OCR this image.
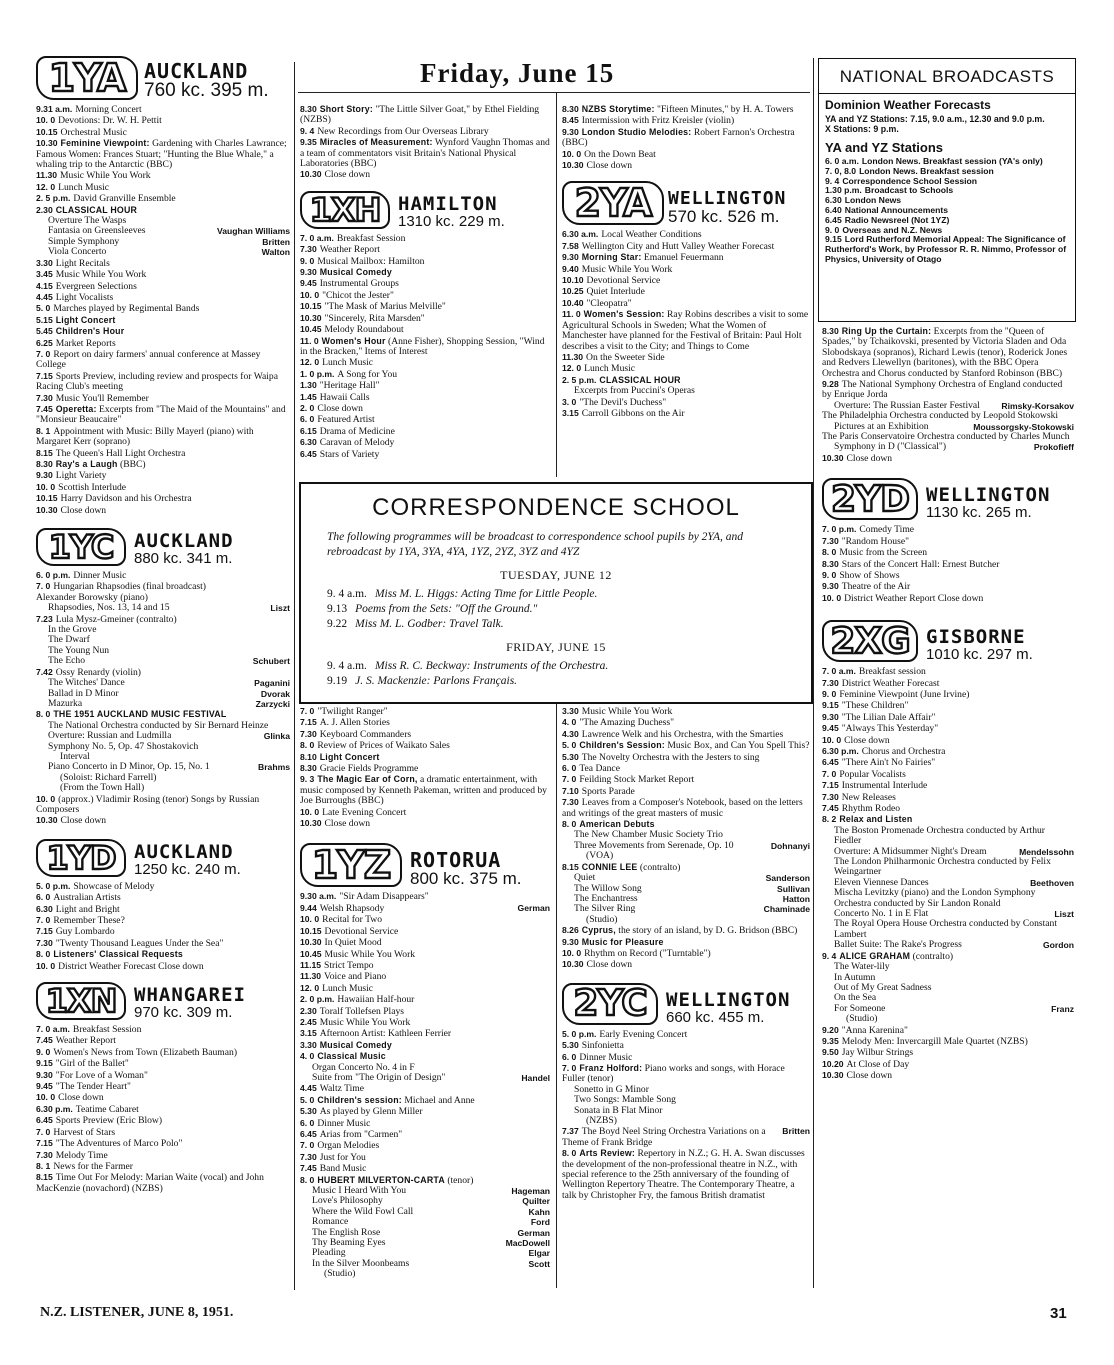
Friday, June 15
1YA AUCKLAND
760 kc. 395 m.

9.31 a.m. Morning Concert

10. 0 Devotions: Dr. W. H. Pettit

10.15 Orchestral Music

10.30 Feminine Viewpoint: Gardening with Charles Lawrance; Famous Women: Frances Stuart; "Hunting the Blue Whale," a whaling trip to the Antarctic (BBC)

11.30 Music While You Work

12. 0 Lunch Music

2. 5 p.m. David Granville Ensemble

2.30 CLASSICAL HOUR

Overture The Wasps

Vaughan Williams
Fantasia on Greensleeves

Britten
Simple Symphony

Walton
Viola Concerto

3.30 Light Recitals

3.45 Music While You Work

4.15 Evergreen Selections

4.45 Light Vocalists

5. 0 Marches played by Regimental Bands

5.15 Light Concert

5.45 Children's Hour

6.25 Market Reports

7. 0 Report on dairy farmers' annual conference at Massey College

7.15 Sports Preview, including review and prospects for Waipa Racing Club's meeting

7.30 Music You'll Remember

7.45 Operetta: Excerpts from "The Maid of the Mountains" and "Monsieur Beaucaire"

8. 1 Appointment with Music: Billy Mayerl (piano) with Margaret Kerr (soprano)

8.15 The Queen's Hall Light Orchestra

8.30 Ray's a Laugh (BBC)

9.30 Light Variety

10. 0 Scottish Interlude

10.15 Harry Davidson and his Orchestra

10.30 Close down

1YC AUCKLAND
880 kc. 341 m.

6. 0 p.m. Dinner Music

7. 0 Hungarian Rhapsodies (final broadcast)

Alexander Borowsky (piano)

Liszt
Rhapsodies, Nos. 13, 14 and 15

7.23 Lula Mysz-Gmeiner (contralto)

In the Grove

The Dwarf

The Young Nun

Schubert
The Echo

7.42 Ossy Renardy (violin)

Paganini
The Witches' Dance

Dvorak
Ballad in D Minor

Zarzycki
Mazurka

8. 0 THE 1951 AUCKLAND MUSIC FESTIVAL

The National Orchestra conducted by Sir Bernard Heinze

Glinka
Overture: Russian and Ludmilla

Symphony No. 5, Op. 47 Shostakovich

Interval

Brahms
Piano Concerto in D Minor, Op. 15, No. 1

(Soloist: Richard Farrell)

(From the Town Hall)

10. 0 (approx.) Vladimir Rosing (tenor) Songs by Russian Composers

10.30 Close down

1YD AUCKLAND
1250 kc. 240 m.

5. 0 p.m. Showcase of Melody

6. 0 Australian Artists

6.30 Light and Bright

7. 0 Remember These?

7.15 Guy Lombardo

7.30 "Twenty Thousand Leagues Under the Sea"

8. 0 Listeners' Classical Requests

10. 0 District Weather Forecast Close down

1XN WHANGAREI
970 kc. 309 m.

7. 0 a.m. Breakfast Session

7.45 Weather Report

9. 0 Women's News from Town (Elizabeth Bauman)

9.15 "Girl of the Ballet"

9.30 "For Love of a Woman"

9.45 "The Tender Heart"

10. 0 Close down

6.30 p.m. Teatime Cabaret

6.45 Sports Preview (Eric Blow)

7. 0 Harvest of Stars

7.15 "The Adventures of Marco Polo"

7.30 Melody Time

8. 1 News for the Farmer

8.15 Time Out For Melody: Marian Waite (vocal) and John MacKenzie (novachord) (NZBS)

8.30 Short Story: "The Little Silver Goat," by Ethel Fielding (NZBS)

9. 4 New Recordings from Our Overseas Library

9.35 Miracles of Measurement: Wynford Vaughn Thomas and a team of commentators visit Britain's National Physical Laboratories (BBC)

10.30 Close down

1XH HAMILTON
1310 kc. 229 m.

7. 0 a.m. Breakfast Session

7.30 Weather Report

9. 0 Musical Mailbox: Hamilton

9.30 Musical Comedy

9.45 Instrumental Groups

10. 0 "Chicot the Jester"

10.15 "The Mask of Marius Melville"

10.30 "Sincerely, Rita Marsden"

10.45 Melody Roundabout

11. 0 Women's Hour (Anne Fisher), Shopping Session, "Wind in the Bracken," Items of Interest

12. 0 Lunch Music

1. 0 p.m. A Song for You

1.30 "Heritage Hall"

1.45 Hawaii Calls

2. 0 Close down

6. 0 Featured Artist

6.15 Drama of Medicine

6.30 Caravan of Melody

6.45 Stars of Variety

8.30 NZBS Storytime: "Fifteen Minutes," by H. A. Towers

8.45 Intermission with Fritz Kreisler (violin)

9.30 London Studio Melodies: Robert Farnon's Orchestra (BBC)

10. 0 On the Down Beat

10.30 Close down

2YA WELLINGTON
570 kc. 526 m.

6.30 a.m. Local Weather Conditions

7.58 Wellington City and Hutt Valley Weather Forecast

9.30 Morning Star: Emanuel Feuermann

9.40 Music While You Work

10.10 Devotional Service

10.25 Quiet Interlude

10.40 "Cleopatra"

11. 0 Women's Session: Ray Robins describes a visit to some Agricultural Schools in Sweden; What the Women of Manchester have planned for the Festival of Britain: Paul Holt describes a visit to the City; and Things to Come

11.30 On the Sweeter Side

12. 0 Lunch Music

2. 5 p.m. CLASSICAL HOUR

Excerpts from Puccini's Operas

3. 0 "The Devil's Duchess"

3.15 Carroll Gibbons on the Air

CORRESPONDENCE SCHOOL
The following programmes will be broadcast to correspondence school pupils by 2YA, and rebroadcast by 1YA, 3YA, 4YA, 1YZ, 2YZ, 3YZ and 4YZ
TUESDAY, JUNE 12
9. 4 a.m. Miss M. L. Higgs: Acting Time for Little People.
9.13 Poems from the Sets: "Off the Ground."
9.22 Miss M. L. Godber: Travel Talk.
FRIDAY, JUNE 15
9. 4 a.m. Miss R. C. Beckway: Instruments of the Orchestra.
9.19 J. S. Mackenzie: Parlons Français.

7. 0 "Twilight Ranger"

7.15 A. J. Allen Stories

7.30 Keyboard Commanders

8. 0 Review of Prices of Waikato Sales

8.10 Light Concert

8.30 Gracie Fields Programme

9. 3 The Magic Ear of Corn, a dramatic entertainment, with music composed by Kenneth Pakeman, written and produced by Joe Burroughs (BBC)

10. 0 Late Evening Concert

10.30 Close down

1YZ ROTORUA
800 kc. 375 m.

9.30 a.m. "Sir Adam Disappears"

German
9.44 Welsh Rhapsody

10. 0 Recital for Two

10.15 Devotional Service

10.30 In Quiet Mood

10.45 Music While You Work

11.15 Strict Tempo

11.30 Voice and Piano

12. 0 Lunch Music

2. 0 p.m. Hawaiian Half-hour

2.30 Toralf Tollefsen Plays

2.45 Music While You Work

3.15 Afternoon Artist: Kathleen Ferrier

3.30 Musical Comedy

4. 0 Classical Music

Organ Concerto No. 4 in F

Handel
Suite from "The Origin of Design"

4.45 Waltz Time

5. 0 Children's session: Michael and Anne

5.30 As played by Glenn Miller

6. 0 Dinner Music

6.45 Arias from "Carmen"

7. 0 Organ Melodies

7.30 Just for You

7.45 Band Music

8. 0 HUBERT MILVERTON-CARTA (tenor)

Hageman
Music I Heard With You

Quilter
Love's Philosophy

Kahn
Where the Wild Fowl Call

Ford
Romance

German
The English Rose

MacDowell
Thy Beaming Eyes

Elgar
Pleading

Scott
In the Silver Moonbeams

(Studio)

3.30 Music While You Work

4. 0 "The Amazing Duchess"

4.30 Lawrence Welk and his Orchestra, with the Smarties

5. 0 Children's Session: Music Box, and Can You Spell This?

5.30 The Novelty Orchestra with the Jesters to sing

6. 0 Tea Dance

7. 0 Feilding Stock Market Report

7.10 Sports Parade

7.30 Leaves from a Composer's Notebook, based on the letters and writings of the great masters of music

8. 0 American Debuts

The New Chamber Music Society Trio

Dohnanyi
Three Movements from Serenade, Op. 10

(VOA)

8.15 CONNIE LEE (contralto)

Sanderson
Quiet

Sullivan
The Willow Song

Hatton
The Enchantress

Chaminade
The Silver Ring

(Studio)

8.26 Cyprus, the story of an island, by D. G. Bridson (BBC)

9.30 Music for Pleasure

10. 0 Rhythm on Record ("Turntable")

10.30 Close down

2YC WELLINGTON
660 kc. 455 m.

5. 0 p.m. Early Evening Concert

5.30 Sinfonietta

6. 0 Dinner Music

7. 0 Franz Holford: Piano works and songs, with Horace Fuller (tenor)

Sonetto in G Minor

Two Songs: Mamble Song

Sonata in B Flat Minor

(NZBS)

Britten
7.37 The Boyd Neel String Orchestra Variations on a Theme of Frank Bridge

8. 0 Arts Review: Repertory in N.Z.; G. H. A. Swan discusses the development of the non-professional theatre in N.Z., with special reference to the 25th anniversary of the founding of Wellington Repertory Theatre. The Contemporary Theatre, a talk by Christopher Fry, the famous British dramatist

NATIONAL BROADCASTS
Dominion Weather Forecasts
YA and YZ Stations: 7.15, 9.0 a.m., 12.30 and 9.0 p.m.
X Stations: 9 p.m.
YA and YZ Stations

6. 0 a.m. London News. Breakfast session (YA's only)

7. 0, 8.0 London News. Breakfast session

9. 4 Correspondence School Session

1.30 p.m. Broadcast to Schools

6.30 London News

6.40 National Announcements

6.45 Radio Newsreel (Not 1YZ)

9. 0 Overseas and N.Z. News

9.15 Lord Rutherford Memorial Appeal: The Significance of Rutherford's Work, by Professor R. R. Nimmo, Professor of Physics, University of Otago

8.30 Ring Up the Curtain: Excerpts from the "Queen of Spades," by Tchaikovski, presented by Victoria Sladen and Oda Slobodskaya (sopranos), Richard Lewis (tenor), Roderick Jones and Redvers Llewellyn (baritones), with the BBC Opera Orchestra and Chorus conducted by Stanford Robinson (BBC)

9.28 The National Symphony Orchestra of England conducted by Enrique Jorda

Rimsky-Korsakov
Overture: The Russian Easter Festival

The Philadelphia Orchestra conducted by Leopold Stokowski

Moussorgsky-Stokowski
Pictures at an Exhibition

The Paris Conservatoire Orchestra conducted by Charles Munch

Prokofieff
Symphony in D ("Classical")

10.30 Close down

2YD WELLINGTON
1130 kc. 265 m.

7. 0 p.m. Comedy Time

7.30 "Random House"

8. 0 Music from the Screen

8.30 Stars of the Concert Hall: Ernest Butcher

9. 0 Show of Shows

9.30 Theatre of the Air

10. 0 District Weather Report Close down

2XG GISBORNE
1010 kc. 297 m.

7. 0 a.m. Breakfast session

7.30 District Weather Forecast

9. 0 Feminine Viewpoint (June Irvine)

9.15 "These Children"

9.30 "The Lilian Dale Affair"

9.45 "Always This Yesterday"

10. 0 Close down

6.30 p.m. Chorus and Orchestra

6.45 "There Ain't No Fairies"

7. 0 Popular Vocalists

7.15 Instrumental Interlude

7.30 New Releases

7.45 Rhythm Rodeo

8. 2 Relax and Listen

The Boston Promenade Orchestra conducted by Arthur Fiedler

Mendelssohn
Overture: A Midsummer Night's Dream

The London Philharmonic Orchestra conducted by Felix Weingartner

Beethoven
Eleven Viennese Dances

Mischa Levitzky (piano) and the London Symphony Orchestra conducted by Sir Landon Ronald

Liszt
Concerto No. 1 in E Flat

The Royal Opera House Orchestra conducted by Constant Lambert

Gordon
Ballet Suite: The Rake's Progress

9. 4 ALICE GRAHAM (contralto)

The Water-lily

In Autumn

Out of My Great Sadness

On the Sea

Franz
For Someone

(Studio)

9.20 "Anna Karenina"

9.35 Melody Men: Invercargill Male Quartet (NZBS)

9.50 Jay Wilbur Strings

10.20 At Close of Day

10.30 Close down

N.Z. LISTENER, JUNE 8, 1951.	31
